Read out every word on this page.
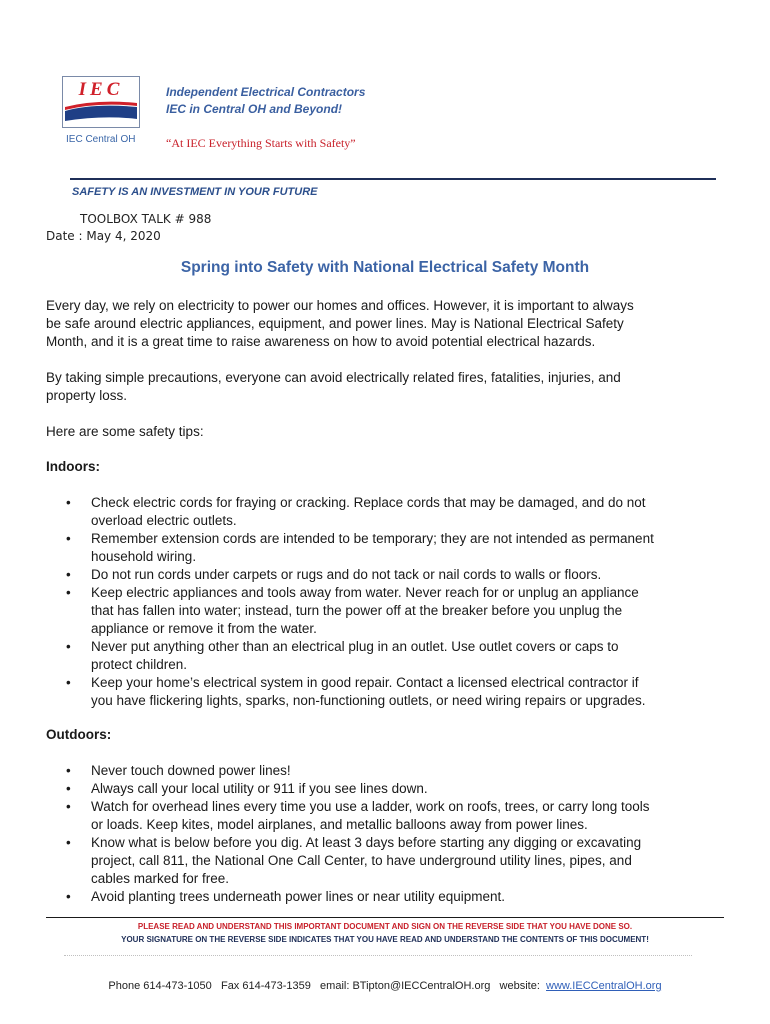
IEC
PRIDE
IEC Central OH
Independent Electrical Contractors
IEC in Central OH and Beyond!
“At IEC Everything Starts with Safety”
SAFETY IS AN INVESTMENT IN YOUR FUTURE
TOOLBOX TALK # 988
Date : May 4, 2020
Spring into Safety with National Electrical Safety Month
Every day, we rely on electricity to power our homes and offices. However, it is important to always
be safe around electric appliances, equipment, and power lines. May is National Electrical Safety
Month, and it is a great time to raise awareness on how to avoid potential electrical hazards.
By taking simple precautions, everyone can avoid electrically related fires, fatalities, injuries, and
property loss.
Here are some safety tips:
Indoors:
•	Check electric cords for fraying or cracking. Replace cords that may be damaged, and do not
overload electric outlets.
•	Remember extension cords are intended to be temporary; they are not intended as permanent
household wiring.
•	Do not run cords under carpets or rugs and do not tack or nail cords to walls or floors.
•	Keep electric appliances and tools away from water. Never reach for or unplug an appliance
that has fallen into water; instead, turn the power off at the breaker before you unplug the
appliance or remove it from the water.
•	Never put anything other than an electrical plug in an outlet. Use outlet covers or caps to
protect children.
•	Keep your home’s electrical system in good repair. Contact a licensed electrical contractor if
you have flickering lights, sparks, non-functioning outlets, or need wiring repairs or upgrades.
Outdoors:
•	Never touch downed power lines!
•	Always call your local utility or 911 if you see lines down.
•	Watch for overhead lines every time you use a ladder, work on roofs, trees, or carry long tools
or loads. Keep kites, model airplanes, and metallic balloons away from power lines.
•	Know what is below before you dig. At least 3 days before starting any digging or excavating
project, call 811, the National One Call Center, to have underground utility lines, pipes, and
cables marked for free.
•	Avoid planting trees underneath power lines or near utility equipment.
PLEASE READ AND UNDERSTAND THIS IMPORTANT DOCUMENT AND SIGN ON THE REVERSE SIDE THAT YOU HAVE DONE SO.
YOUR SIGNATURE ON THE REVERSE SIDE INDICATES THAT YOU HAVE READ AND UNDERSTAND THE CONTENTS OF THIS DOCUMENT!
Phone 614-473-1050 Fax 614-473-1359 email: BTipton@IECCentralOH.org website: www.IECCentralOH.org
